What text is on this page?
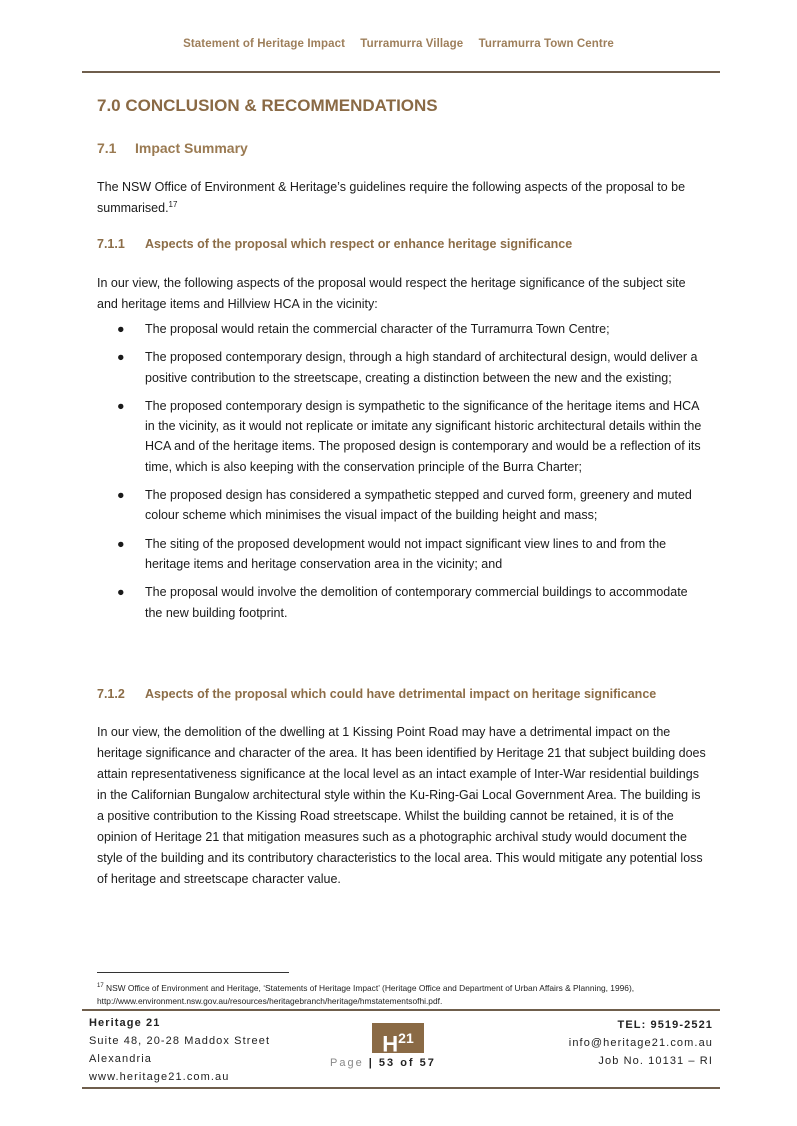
Statement of Heritage Impact Turramurra Village Turramurra Town Centre
7.0 CONCLUSION & RECOMMENDATIONS
7.1 Impact Summary
The NSW Office of Environment & Heritage’s guidelines require the following aspects of the proposal to be summarised.$^{17}$
7.1.1 Aspects of the proposal which respect or enhance heritage significance
In our view, the following aspects of the proposal would respect the heritage significance of the subject site and heritage items and Hillview HCA in the vicinity:
● The proposal would retain the commercial character of the Turramurra Town Centre;
● The proposed contemporary design, through a high standard of architectural design, would deliver a positive contribution to the streetscape, creating a distinction between the new and the existing;
● The proposed contemporary design is sympathetic to the significance of the heritage items and HCA in the vicinity, as it would not replicate or imitate any significant historic architectural details within the HCA and of the heritage items. The proposed design is contemporary and would be a reflection of its time, which is also keeping with the conservation principle of the Burra Charter;
● The proposed design has considered a sympathetic stepped and curved form, greenery and muted colour scheme which minimises the visual impact of the building height and mass;
● The siting of the proposed development would not impact significant view lines to and from the heritage items and heritage conservation area in the vicinity; and
● The proposal would involve the demolition of contemporary commercial buildings to accommodate the new building footprint.
7.1.2 Aspects of the proposal which could have detrimental impact on heritage significance
In our view, the demolition of the dwelling at 1 Kissing Point Road may have a detrimental impact on the heritage significance and character of the area. It has been identified by Heritage 21 that subject building does attain representativeness significance at the local level as an intact example of Inter-War residential buildings in the Californian Bungalow architectural style within the Ku-Ring-Gai Local Government Area. The building is a positive contribution to the Kissing Road streetscape. Whilst the building cannot be retained, it is of the opinion of Heritage 21 that mitigation measures such as a photographic archival study would document the style of the building and its contributory characteristics to the local area. This would mitigate any potential loss of heritage and streetscape character value.
$^{17}$ NSW Office of Environment and Heritage, ‘Statements of Heritage Impact’ (Heritage Office and Department of Urban Affairs & Planning, 1996), http://www.environment.nsw.gov.au/resources/heritagebranch/heritage/hmstatementsofhi.pdf.
Heritage 21
Suite 48, 20-28 Maddox Street
Alexandria
www.heritage21.com.au
$H^{21}$
Page | 53 of 57
TEL: 9519-2521
info@heritage21.com.au
Job No. 10131 – RI
